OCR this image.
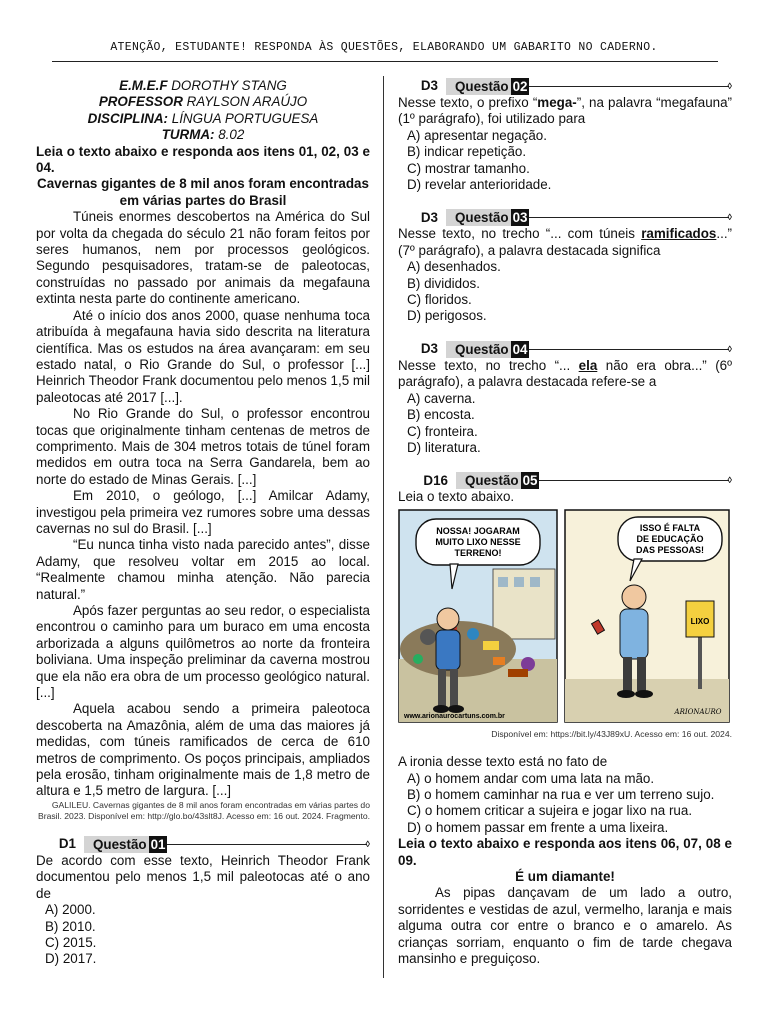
ATENÇÃO, ESTUDANTE! RESPONDA ÀS QUESTÕES, ELABORANDO UM GABARITO NO CADERNO.
E.M.E.F DOROTHY STANG
PROFESSOR RAYLSON ARAÚJO
DISCIPLINA: LÍNGUA PORTUGUESA
TURMA: 8.02

Leia o texto abaixo e responda aos itens 01, 02, 03 e 04.

Cavernas gigantes de 8 mil anos foram encontradas em várias partes do Brasil

Túneis enormes descobertos na América do Sul por volta da chegada do século 21 não foram feitos por seres humanos, nem por processos geológicos. Segundo pesquisadores, tratam-se de paleotocas, construídas no passado por animais da megafauna extinta nesta parte do continente americano.

Até o início dos anos 2000, quase nenhuma toca atribuída à megafauna havia sido descrita na literatura científica. Mas os estudos na área avançaram: em seu estado natal, o Rio Grande do Sul, o professor [...] Heinrich Theodor Frank documentou pelo menos 1,5 mil paleotocas até 2017 [...].

No Rio Grande do Sul, o professor encontrou tocas que originalmente tinham centenas de metros de comprimento. Mais de 304 metros totais de túnel foram medidos em outra toca na Serra Gandarela, bem ao norte do estado de Minas Gerais. [...]

Em 2010, o geólogo, [...] Amilcar Adamy, investigou pela primeira vez rumores sobre uma dessas cavernas no sul do Brasil. [...]

“Eu nunca tinha visto nada parecido antes”, disse Adamy, que resolveu voltar em 2015 ao local. “Realmente chamou minha atenção. Não parecia natural.”

Após fazer perguntas ao seu redor, o especialista encontrou o caminho para um buraco em uma encosta arborizada a alguns quilômetros ao norte da fronteira boliviana. Uma inspeção preliminar da caverna mostrou que ela não era obra de um processo geológico natural. [...]

Aquela acabou sendo a primeira paleotoca descoberta na Amazônia, além de uma das maiores já medidas, com túneis ramificados de cerca de 610 metros de comprimento. Os poços principais, ampliados pela erosão, tinham originalmente mais de 1,8 metro de altura e 1,5 metro de largura. [...]

GALILEU. Cavernas gigantes de 8 mil anos foram encontradas em várias partes do Brasil. 2023. Disponível em: http://glo.bo/43slt8J. Acesso em: 16 out. 2024. Fragmento.

D1	Questão 01	◊

De acordo com esse texto, Heinrich Theodor Frank documentou pelo menos 1,5 mil paleotocas até o ano de

A) 2000.
B) 2010.
C) 2015.
D) 2017.
D3	Questão 02	◊

Nesse texto, o prefixo “mega-”, na palavra “megafauna” (1º parágrafo), foi utilizado para

A) apresentar negação.
B) indicar repetição.
C) mostrar tamanho.
D) revelar anterioridade.
D3	Questão 03	◊

Nesse texto, no trecho “... com túneis ramificados...” (7º parágrafo), a palavra destacada significa

A) desenhados.
B) divididos.
C) floridos.
D) perigosos.
D3	Questão 04	◊

Nesse texto, no trecho “... ela não era obra...” (6º parágrafo), a palavra destacada refere-se a

A) caverna.
B) encosta.
C) fronteira.
D) literatura.
D16	Questão 05	◊

Leia o texto abaixo.

NOSSA! JOGARAM
MUITO LIXO NESSE
TERRENO!
www.arionaurocartuns.com.br
ISSO É FALTA
DE EDUCAÇÃO
DAS PESSOAS!
LIXO
ARIONAURO
Disponível em: https://bit.ly/43J89xU. Acesso em: 16 out. 2024.

A ironia desse texto está no fato de

A) o homem andar com uma lata na mão.
B) o homem caminhar na rua e ver um terreno sujo.
C) o homem criticar a sujeira e jogar lixo na rua.
D) o homem passar em frente a uma lixeira.

Leia o texto abaixo e responda aos itens 06, 07, 08 e 09.

É um diamante!

As pipas dançavam de um lado a outro, sorridentes e vestidas de azul, vermelho, laranja e mais alguma outra cor entre o branco e o amarelo. As crianças sorriam, enquanto o fim de tarde chegava mansinho e preguiçoso.
